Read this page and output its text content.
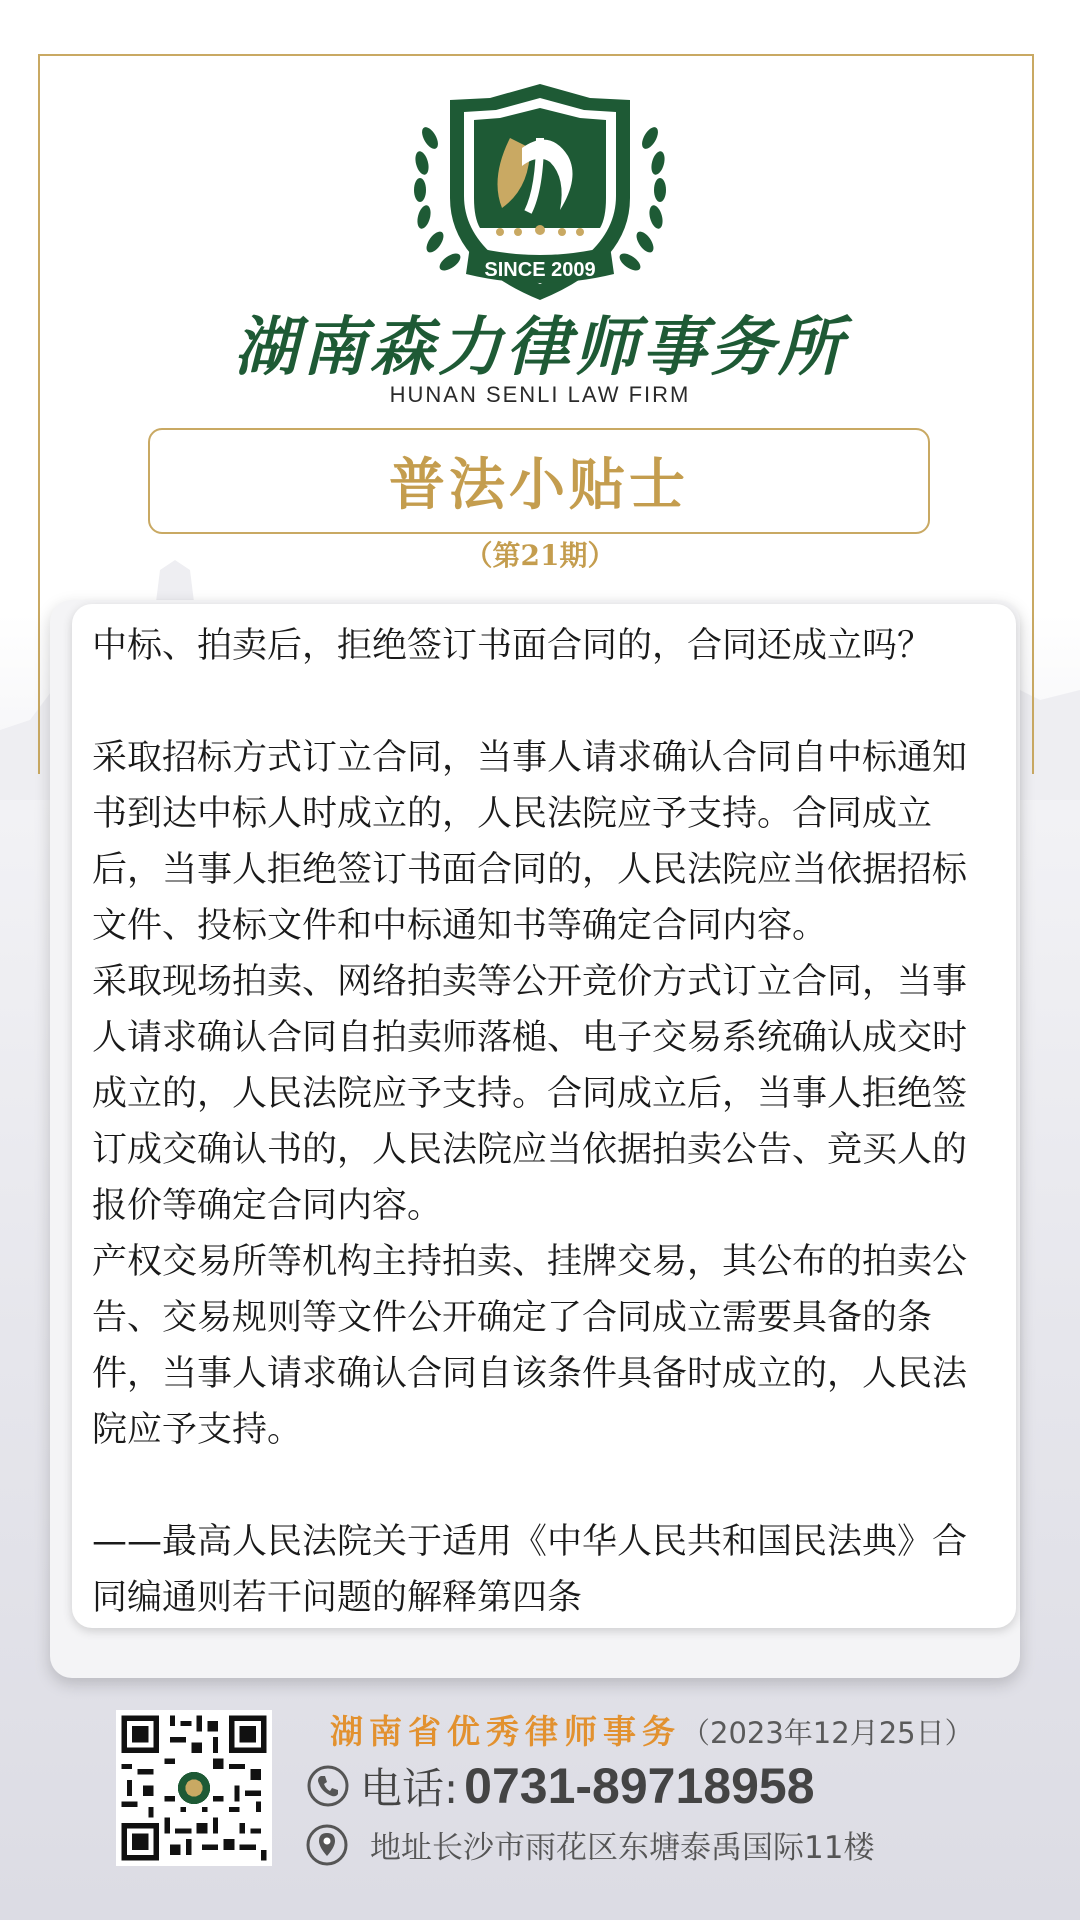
SINCE 2009
湖南森力律师事务所
HUNAN SENLI LAW FIRM
普法小贴士
（第21期）
中标、拍卖后，拒绝签订书面合同的，合同还成立吗？
采取招标方式订立合同，当事人请求确认合同自中标通知书到达中标人时成立的，人民法院应予支持。合同成立后，当事人拒绝签订书面合同的，人民法院应当依据招标文件、投标文件和中标通知书等确定合同内容。
采取现场拍卖、网络拍卖等公开竞价方式订立合同，当事人请求确认合同自拍卖师落槌、电子交易系统确认成交时成立的，人民法院应予支持。合同成立后，当事人拒绝签订成交确认书的，人民法院应当依据拍卖公告、竞买人的报价等确定合同内容。
产权交易所等机构主持拍卖、挂牌交易，其公布的拍卖公告、交易规则等文件公开确定了合同成立需要具备的条件，当事人请求确认合同自该条件具备时成立的，人民法院应予支持。
——最高人民法院关于适用《中华人民共和国民法典》合同编通则若干问题的解释第四条
湖南省优秀律师事务（2023年12月25日）
电话: 0731-89718958
地址长沙市雨花区东塘泰禹国际11楼
